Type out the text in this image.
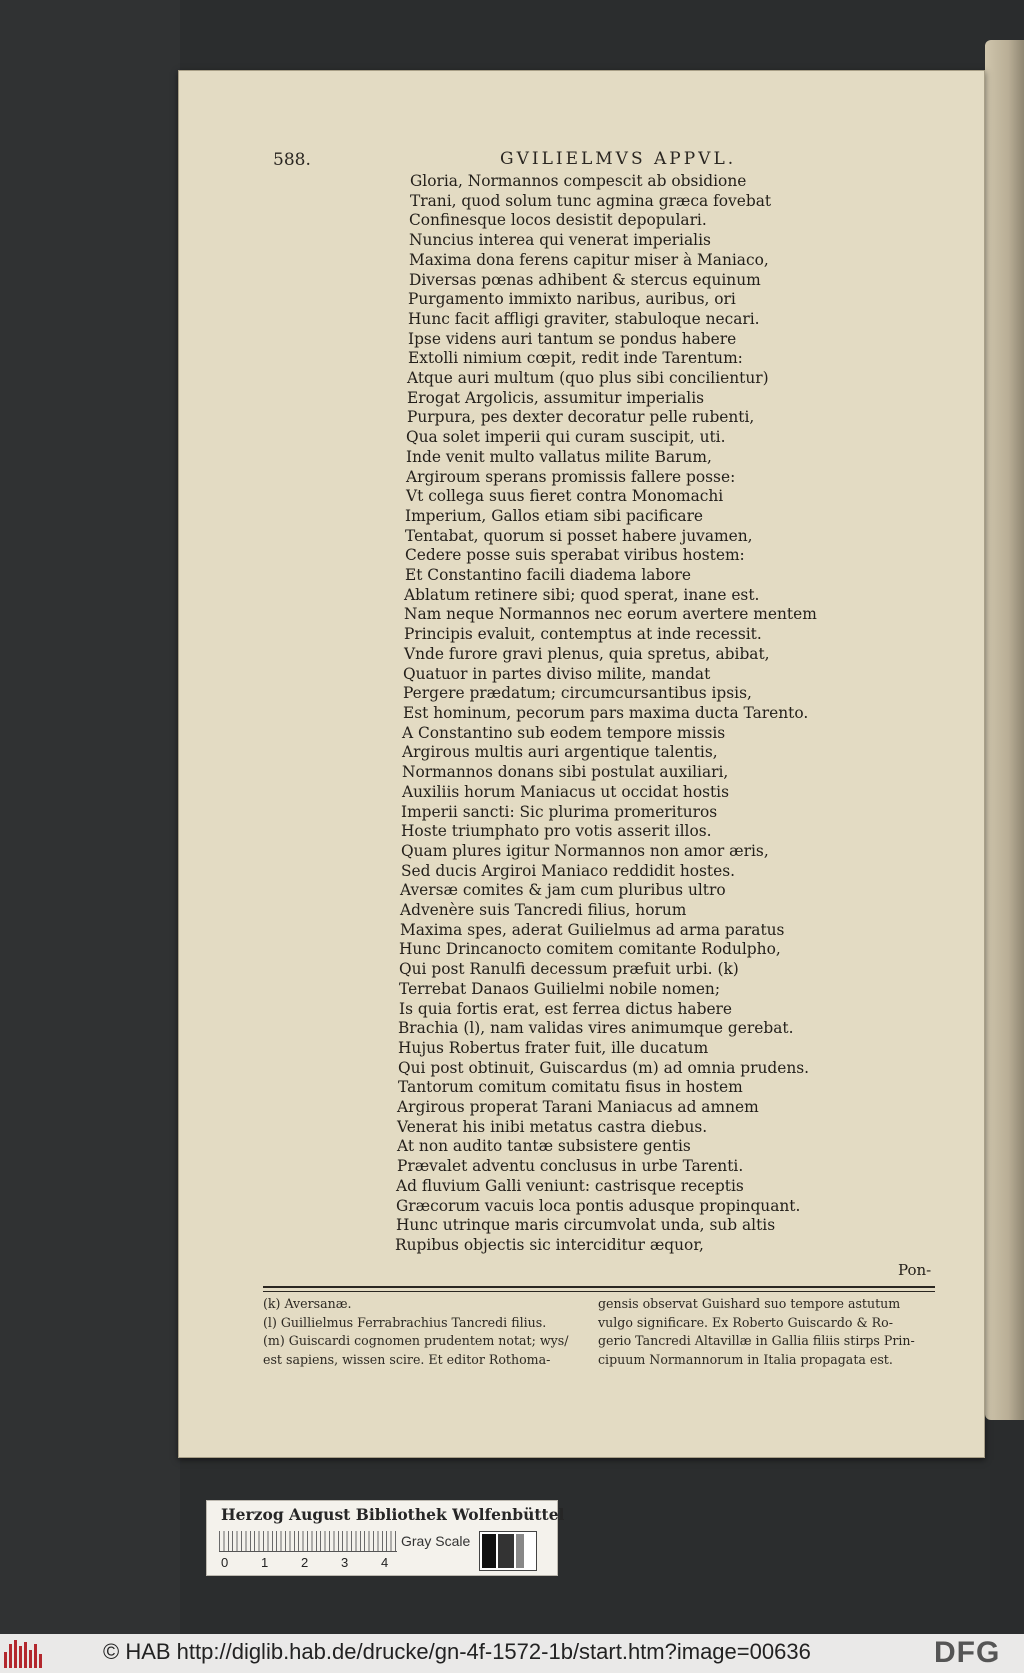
588.	GVILIELMVS APPVL.
Gloria, Normannos compescit ab obsidione
Trani, quod solum tunc agmina græca fovebat
Confinesque locos desistit depopulari.
Nuncius interea qui venerat imperialis
Maxima dona ferens capitur miser à Maniaco,
Diversas pœnas adhibent & stercus equinum
Purgamento immixto naribus, auribus, ori
Hunc facit affligi graviter, stabuloque necari.
Ipse videns auri tantum se pondus habere
Extolli nimium cœpit, redit inde Tarentum:
Atque auri multum (quo plus sibi concilientur)
Erogat Argolicis, assumitur imperialis
Purpura, pes dexter decoratur pelle rubenti,
Qua solet imperii qui curam suscipit, uti.
Inde venit multo vallatus milite Barum,
Argiroum sperans promissis fallere posse:
Vt collega suus fieret contra Monomachi
Imperium, Gallos etiam sibi pacificare
Tentabat, quorum si posset habere juvamen,
Cedere posse suis sperabat viribus hostem:
Et Constantino facili diadema labore
Ablatum retinere sibi; quod sperat, inane est.
Nam neque Normannos nec eorum avertere mentem
Principis evaluit, contemptus at inde recessit.
Vnde furore gravi plenus, quia spretus, abibat,
Quatuor in partes diviso milite, mandat
Pergere prædatum; circumcursantibus ipsis,
Est hominum, pecorum pars maxima ducta Tarento.
A Constantino sub eodem tempore missis
Argirous multis auri argentique talentis,
Normannos donans sibi postulat auxiliari,
Auxiliis horum Maniacus ut occidat hostis
Imperii sancti: Sic plurima promerituros
Hoste triumphato pro votis asserit illos.
Quam plures igitur Normannos non amor æris,
Sed ducis Argiroi Maniaco reddidit hostes.
Aversæ comites & jam cum pluribus ultro
Advenère suis Tancredi filius, horum
Maxima spes, aderat Guilielmus ad arma paratus
Hunc Drincanocto comitem comitante Rodulpho,
Qui post Ranulfi decessum præfuit urbi. (k)
Terrebat Danaos Guilielmi nobile nomen;
Is quia fortis erat, est ferrea dictus habere
Brachia (l), nam validas vires animumque gerebat.
Hujus Robertus frater fuit, ille ducatum
Qui post obtinuit, Guiscardus (m) ad omnia prudens.
Tantorum comitum comitatu fisus in hostem
Argirous properat Tarani Maniacus ad amnem
Venerat his inibi metatus castra diebus.
At non audito tantæ subsistere gentis
Prævalet adventu conclusus in urbe Tarenti.
Ad fluvium Galli veniunt: castrisque receptis
Græcorum vacuis loca pontis adusque propinquant.
Hunc utrinque maris circumvolat unda, sub altis
Rupibus objectis sic interciditur æquor,
Pon-
(k) Aversanæ.
(l) Guillielmus Ferrabrachius Tancredi filius.
(m) Guiscardi cognomen prudentem notat; wys/
est sapiens, wissen scire. Et editor Rothoma-
gensis observat Guishard suo tempore astutum
vulgo significare. Ex Roberto Guiscardo & Ro-
gerio Tancredi Altavillæ in Gallia filiis stirps Prin-
cipuum Normannorum in Italia propagata est.
Herzog August Bibliothek Wolfenbüttel
0	1	2	3	4
Gray Scale
© HAB http://diglib.hab.de/drucke/gn-4f-1572-1b/start.htm?image=00636	DFG
